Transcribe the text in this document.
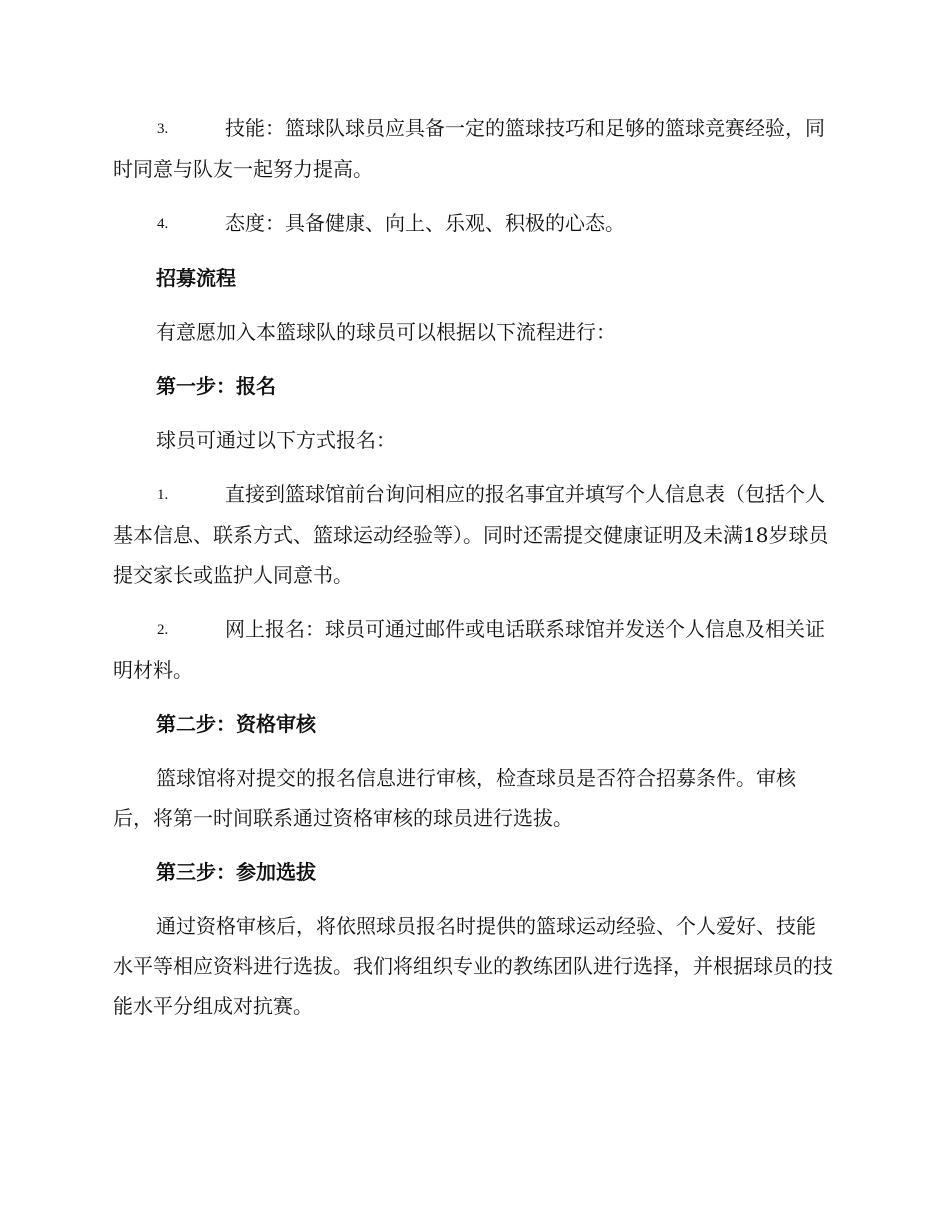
3.	技能：篮球队球员应具备一定的篮球技巧和足够的篮球竞赛经验，同时同意与队友一起努力提高。

4.	态度：具备健康、向上、乐观、积极的心态。

招募流程

有意愿加入本篮球队的球员可以根据以下流程进行：

第一步：报名

球员可通过以下方式报名：

1.	直接到篮球馆前台询问相应的报名事宜并填写个人信息表（包括个人基本信息、联系方式、篮球运动经验等）。同时还需提交健康证明及未满18岁球员提交家长或监护人同意书。

2.	网上报名：球员可通过邮件或电话联系球馆并发送个人信息及相关证明材料。

第二步：资格审核

篮球馆将对提交的报名信息进行审核，检查球员是否符合招募条件。审核后，将第一时间联系通过资格审核的球员进行选拔。

第三步：参加选拔

通过资格审核后，将依照球员报名时提供的篮球运动经验、个人爱好、技能水平等相应资料进行选拔。我们将组织专业的教练团队进行选择，并根据球员的技能水平分组成对抗赛。
